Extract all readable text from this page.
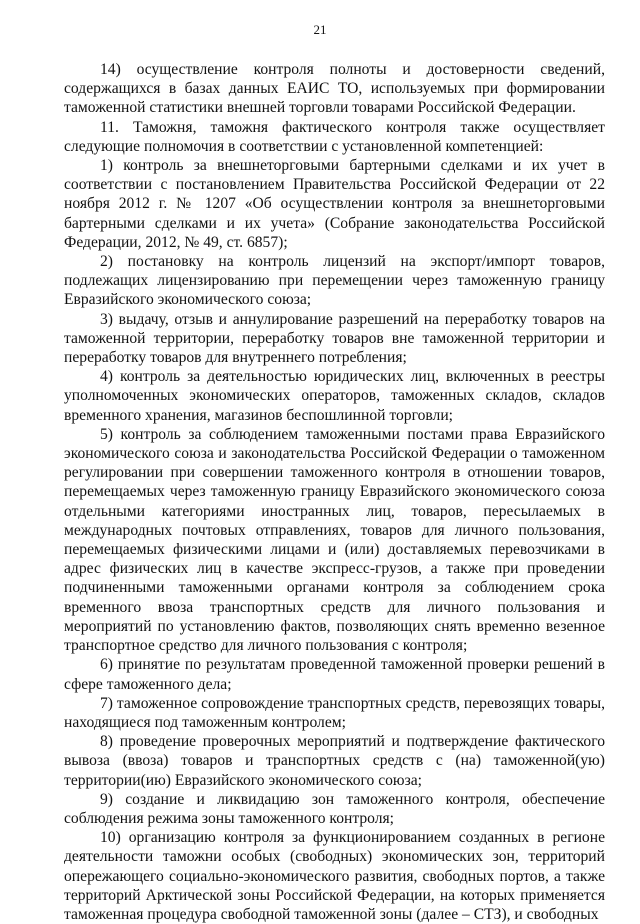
21

14) осуществление контроля полноты и достоверности сведений, содержащихся в базах данных ЕАИС ТО, используемых при формировании таможенной статистики внешней торговли товарами Российской Федерации.

11. Таможня, таможня фактического контроля также осуществляет следующие полномочия в соответствии с установленной компетенцией:

1) контроль за внешнеторговыми бартерными сделками и их учет в соответствии с постановлением Правительства Российской Федерации от 22 ноября 2012 г. № 1207 «Об осуществлении контроля за внешнеторговыми бартерными сделками и их учета» (Собрание законодательства Российской Федерации, 2012, № 49, ст. 6857);

2) постановку на контроль лицензий на экспорт/импорт товаров, подлежащих лицензированию при перемещении через таможенную границу Евразийского экономического союза;

3) выдачу, отзыв и аннулирование разрешений на переработку товаров на таможенной территории, переработку товаров вне таможенной территории и переработку товаров для внутреннего потребления;

4) контроль за деятельностью юридических лиц, включенных в реестры уполномоченных экономических операторов, таможенных складов, складов временного хранения, магазинов беспошлинной торговли;

5) контроль за соблюдением таможенными постами права Евразийского экономического союза и законодательства Российской Федерации о таможенном регулировании при совершении таможенного контроля в отношении товаров, перемещаемых через таможенную границу Евразийского экономического союза отдельными категориями иностранных лиц, товаров, пересылаемых в международных почтовых отправлениях, товаров для личного пользования, перемещаемых физическими лицами и (или) доставляемых перевозчиками в адрес физических лиц в качестве экспресс-грузов, а также при проведении подчиненными таможенными органами контроля за соблюдением срока временного ввоза транспортных средств для личного пользования и мероприятий по установлению фактов, позволяющих снять временно везенное транспортное средство для личного пользования с контроля;

6) принятие по результатам проведенной таможенной проверки решений в сфере таможенного дела;

7) таможенное сопровождение транспортных средств, перевозящих товары, находящиеся под таможенным контролем;

8) проведение проверочных мероприятий и подтверждение фактического вывоза (ввоза) товаров и транспортных средств с (на) таможенной(ую) территории(ию) Евразийского экономического союза;

9) создание и ликвидацию зон таможенного контроля, обеспечение соблюдения режима зоны таможенного контроля;

10) организацию контроля за функционированием созданных в регионе деятельности таможни особых (свободных) экономических зон, территорий опережающего социально-экономического развития, свободных портов, а также территорий Арктической зоны Российской Федерации, на которых применяется таможенная процедура свободной таможенной зоны (далее – СТЗ), и свободных
